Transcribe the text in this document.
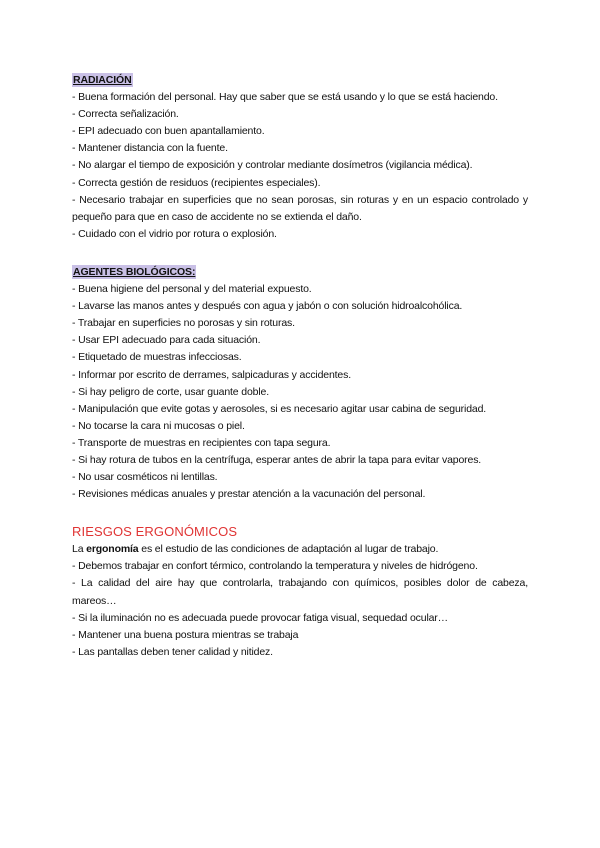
RADIACIÓN
- Buena formación del personal. Hay que saber que se está usando y lo que se está haciendo.
- Correcta señalización.
- EPI adecuado con buen apantallamiento.
- Mantener distancia con la fuente.
- No alargar el tiempo de exposición y controlar mediante dosímetros (vigilancia médica).
- Correcta gestión de residuos (recipientes especiales).
- Necesario trabajar en superficies que no sean porosas, sin roturas y en un espacio controlado y pequeño para que en caso de accidente no se extienda el daño.
- Cuidado con el vidrio por rotura o explosión.
AGENTES BIOLÓGICOS:
- Buena higiene del personal y del material expuesto.
- Lavarse las manos antes y después con agua y jabón o con solución hidroalcohólica.
- Trabajar en superficies no porosas y sin roturas.
- Usar EPI adecuado para cada situación.
- Etiquetado de muestras infecciosas.
- Informar por escrito de derrames, salpicaduras y accidentes.
- Si hay peligro de corte, usar guante doble.
- Manipulación que evite gotas y aerosoles, si es necesario agitar usar cabina de seguridad.
- No tocarse la cara ni mucosas o piel.
- Transporte de muestras en recipientes con tapa segura.
- Si hay rotura de tubos en la centrífuga, esperar antes de abrir la tapa para evitar vapores.
- No usar cosméticos ni lentillas.
- Revisiones médicas anuales y prestar atención a la vacunación del personal.
RIESGOS ERGONÓMICOS
La ergonomía es el estudio de las condiciones de adaptación al lugar de trabajo.
- Debemos trabajar en confort térmico, controlando la temperatura y niveles de hidrógeno.
- La calidad del aire hay que controlarla, trabajando con químicos, posibles dolor de cabeza, mareos…
- Si la iluminación no es adecuada puede provocar fatiga visual, sequedad ocular…
- Mantener una buena postura mientras se trabaja
- Las pantallas deben tener calidad y nitidez.
